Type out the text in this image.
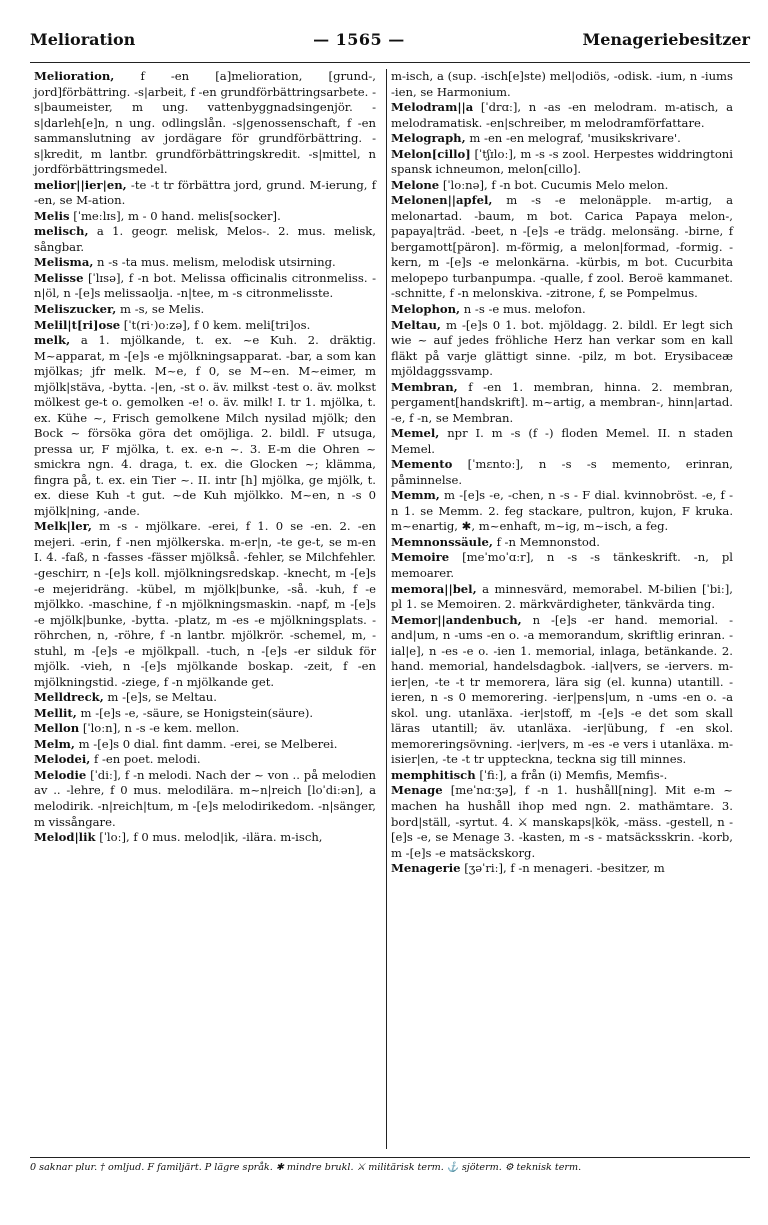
Melioration	— 1565 —	Menageriebesitzer

Melioration, f -en [a]melioration, [grund-, jord]förbättring. -s|arbeit, f -en grundförbättringsarbete. -s|baumeister, m ung. vattenbyggnadsingenjör. -s|darleh[e]n, n ung. odlingslån. -s|genossenschaft, f -en sammanslutning av jordägare för grundförbättring. -s|kredit, m lantbr. grundförbättringskredit. -s|mittel, n jordförbättringsmedel.

melior||ier|en, -te -t tr förbättra jord, grund. M-ierung, f -en, se M-ation.

Melis [ˈmeːlɪs], m - 0 hand. melis[socker].

melisch, a 1. geogr. melisk, Melos-. 2. mus. melisk, sångbar.

Melisma, n -s -ta mus. melism, melodisk utsirning.

Melisse [ˈlɪsə], f -n bot. Melissa officinalis citronmeliss. -n|öl, n -[e]s melissaolja. -n|tee, m -s citronmelisste.

Meliszucker, m -s, se Melis.

Melil|t[ri]ose [ˈt(riˑ)oːzə], f 0 kem. meli[tri]os.

melk, a 1. mjölkande, t. ex. ~e Kuh. 2. dräktig. M~apparat, m -[e]s -e mjölkningsapparat. -bar, a som kan mjölkas; jfr melk. M~e, f 0, se M~en. M~eimer, m mjölk|stäva, -bytta. -|en, -st o. äv. milkst -test o. äv. molkst mölkest ge-t o. gemolken -e! o. äv. milk! I. tr 1. mjölka, t. ex. Kühe ~, Frisch gemolkene Milch nysilad mjölk; den Bock ~ försöka göra det omöjliga. 2. bildl. F utsuga, pressa ur, F mjölka, t. ex. e-n ~. 3. E-m die Ohren ~ smickra ngn. 4. draga, t. ex. die Glocken ~; klämma, fingra på, t. ex. ein Tier ~. II. intr [h] mjölka, ge mjölk, t. ex. diese Kuh -t gut. ~de Kuh mjölkko. M~en, n -s 0 mjölk|ning, -ande.

Melk|ler, m -s - mjölkare. -erei, f 1. 0 se -en. 2. -en mejeri. -erin, f -nen mjölkerska. m-er|n, -te ge-t, se m-en I. 4. -faß, n -fasses -fässer mjölkså. -fehler, se Milchfehler. -geschirr, n -[e]s koll. mjölkningsredskap. -knecht, m -[e]s -e mejeridräng. -kübel, m mjölk|bunke, -så. -kuh, f -e mjölkko. -maschine, f -n mjölkningsmaskin. -napf, m -[e]s -e mjölk|bunke, -bytta. -platz, m -es -e mjölkningsplats. -röhrchen, n, -röhre, f -n lantbr. mjölkrör. -schemel, m, -stuhl, m -[e]s -e mjölkpall. -tuch, n -[e]s -er silduk för mjölk. -vieh, n -[e]s mjölkande boskap. -zeit, f -en mjölkningstid. -ziege, f -n mjölkande get.

Melldreck, m -[e]s, se Meltau.

Mellit, m -[e]s -e, -säure, se Honigstein(säure).

Mellon [ˈloːn], n -s -e kem. mellon.

Melm, m -[e]s 0 dial. fint damm. -erei, se Melberei.

Melodei, f -en poet. melodi.

Melodie [ˈdiː], f -n melodi. Nach der ~ von .. på melodien av .. -lehre, f 0 mus. melodilära. m~n|reich [loˈdiːən], a melodirik. -n|reich|tum, m -[e]s melodirikedom. -n|sänger, m vissångare.

Melod|lik [ˈloː], f 0 mus. melod|ik, -ilära. m-isch,

m-isch, a (sup. -isch[e]ste) mel|odiös, -odisk. -ium, n -iums -ien, se Harmonium.

Melodram||a [ˈdrɑː], n -as -en melodram. m-atisch, a melodramatisk. -en|schreiber, m melodramförfattare.

Melograph, m -en -en melograf, 'musikskrivare'.

Melon[cillo] [ˈtʃɪloː], m -s -s zool. Herpestes widdringtoni spansk ichneumon, melon[cillo].

Melone [ˈloːnə], f -n bot. Cucumis Melo melon.

Melonen||apfel, m -s -e melonäpple. m-artig, a melonartad. -baum, m bot. Carica Papaya melon-, papaya|träd. -beet, n -[e]s -e trädg. melonsäng. -birne, f bergamott[päron]. m-förmig, a melon|formad, -formig. -kern, m -[e]s -e melonkärna. -kürbis, m bot. Cucurbita melopepo turbanpumpa. -qualle, f zool. Beroë kammanet. -schnitte, f -n melonskiva. -zitrone, f, se Pompelmus.

Melophon, n -s -e mus. melofon.

Meltau, m -[e]s 0 1. bot. mjöldagg. 2. bildl. Er legt sich wie ~ auf jedes fröhliche Herz han verkar som en kall fläkt på varje glättigt sinne. -pilz, m bot. Erysibaceæ mjöldaggssvamp.

Membran, f -en 1. membran, hinna. 2. membran, pergament[handskrift]. m~artig, a membran-, hinn|artad. -e, f -n, se Membran.

Memel, npr I. m -s (f -) floden Memel. II. n staden Memel.

Memento [ˈmɛntoː], n -s -s memento, erinran, påminnelse.

Memm, m -[e]s -e, -chen, n -s - F dial. kvinnobröst. -e, f -n 1. se Memm. 2. feg stackare, pultron, kujon, F kruka. m~enartig, ✱, m~enhaft, m~ig, m~isch, a feg.

Memnonssäule, f -n Memnonstod.

Memoire [meˈmoˈɑːr], n -s -s tänkeskrift. -n, pl memoarer.

memora||bel, a minnesvärd, memorabel. M-bilien [ˈbiː], pl 1. se Memoiren. 2. märkvärdigheter, tänkvärda ting.

Memor||andenbuch, n -[e]s -er hand. memorial. -and|um, n -ums -en o. -a memorandum, skriftlig erinran. -ial|e], n -es -e o. -ien 1. memorial, inlaga, betänkande. 2. hand. memorial, handelsdagbok. -ial|vers, se -iervers. m-ier|en, -te -t tr memorera, lära sig (el. kunna) utantill. -ieren, n -s 0 memorering. -ier|pens|um, n -ums -en o. -a skol. ung. utanläxa. -ier|stoff, m -[e]s -e det som skall läras utantill; äv. utanläxa. -ier|übung, f -en skol. memoreringsövning. -ier|vers, m -es -e vers i utanläxa. m-isier|en, -te -t tr uppteckna, teckna sig till minnes.

memphitisch [ˈfiː], a från (i) Memfis, Memfis-.

Menage [meˈnɑːʒə], f -n 1. hushåll[ning]. Mit e-m ~ machen ha hushåll ihop med ngn. 2. mathämtare. 3. bord|ställ, -syrtut. 4. ⚔ manskaps|kök, -mäss. -gestell, n -[e]s -e, se Menage 3. -kasten, m -s - matsäcksskrin. -korb, m -[e]s -e matsäckskorg.

Menagerie [ʒəˈriː], f -n menageri. -besitzer, m

0 saknar plur. † omljud. F familjärt. P lägre språk. ✱ mindre brukl. ⚔ militärisk term. ⚓ sjöterm. ⚙ teknisk term.
